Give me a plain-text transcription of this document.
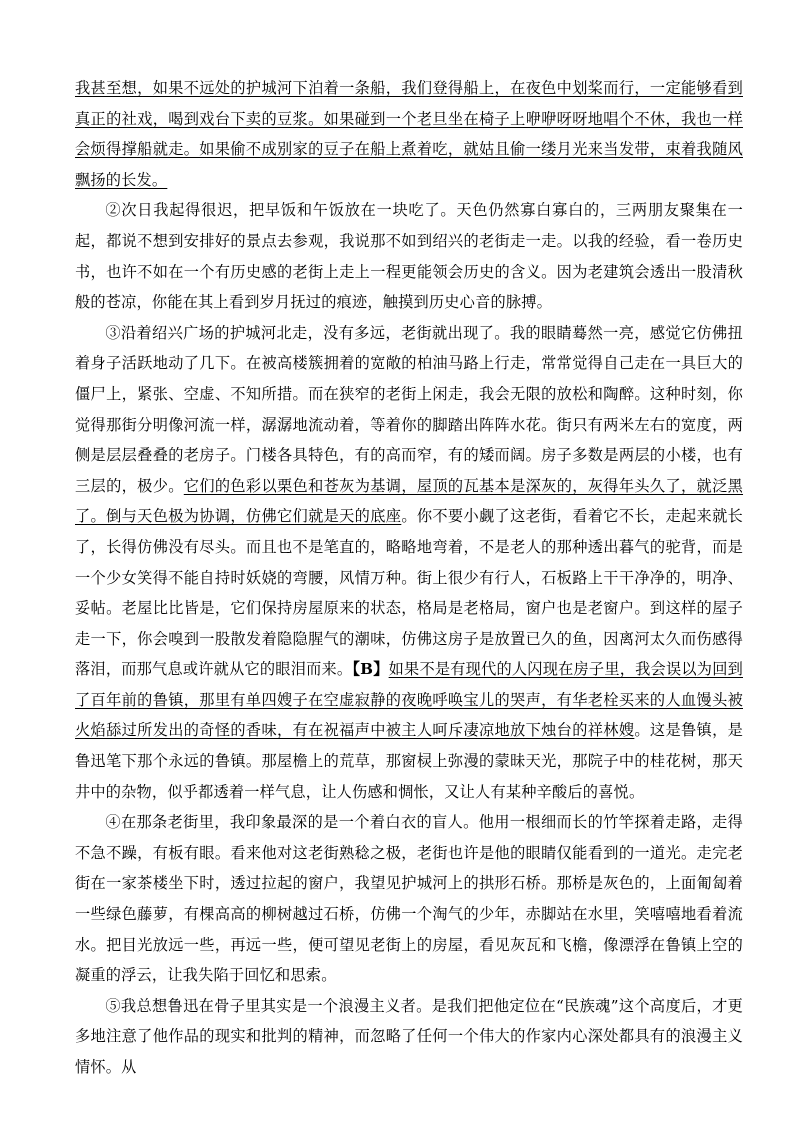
我甚至想，如果不远处的护城河下泊着一条船，我们登得船上，在夜色中划桨而行，一定能够看到真正的社戏，喝到戏台下卖的豆浆。如果碰到一个老旦坐在椅子上咿咿呀呀地唱个不休，我也一样会烦得撑船就走。如果偷不成别家的豆子在船上煮着吃，就姑且偷一缕月光来当发带，束着我随风飘扬的长发。

②次日我起得很迟，把早饭和午饭放在一块吃了。天色仍然寡白寡白的，三两朋友聚集在一起，都说不想到安排好的景点去参观，我说那不如到绍兴的老街走一走。以我的经验，看一卷历史书，也许不如在一个有历史感的老街上走上一程更能领会历史的含义。因为老建筑会透出一股清秋般的苍凉，你能在其上看到岁月抚过的痕迹，触摸到历史心音的脉搏。

③沿着绍兴广场的护城河北走，没有多远，老街就出现了。我的眼睛蓦然一亮，感觉它仿佛扭着身子活跃地动了几下。在被高楼簇拥着的宽敞的柏油马路上行走，常常觉得自己走在一具巨大的僵尸上，紧张、空虚、不知所措。而在狭窄的老街上闲走，我会无限的放松和陶醉。这种时刻，你觉得那街分明像河流一样，潺潺地流动着，等着你的脚踏出阵阵水花。街只有两米左右的宽度，两侧是层层叠叠的老房子。门楼各具特色，有的高而窄，有的矮而阔。房子多数是两层的小楼，也有三层的，极少。它们的色彩以栗色和苍灰为基调，屋顶的瓦基本是深灰的，灰得年头久了，就泛黑了。倒与天色极为协调，仿佛它们就是天的底座。你不要小觑了这老街，看着它不长，走起来就长了，长得仿佛没有尽头。而且也不是笔直的，略略地弯着，不是老人的那种透出暮气的驼背，而是一个少女笑得不能自持时妖娆的弯腰，风情万种。街上很少有行人，石板路上干干净净的，明净、妥帖。老屋比比皆是，它们保持房屋原来的状态，格局是老格局，窗户也是老窗户。到这样的屋子走一下，你会嗅到一股散发着隐隐腥气的潮味，仿佛这房子是放置已久的鱼，因离河太久而伤感得落泪，而那气息或许就从它的眼泪而来。【B】如果不是有现代的人闪现在房子里，我会误以为回到了百年前的鲁镇，那里有单四嫂子在空虚寂静的夜晚呼唤宝儿的哭声，有华老栓买来的人血馒头被火焰舔过所发出的奇怪的香味，有在祝福声中被主人呵斥凄凉地放下烛台的祥林嫂。这是鲁镇，是鲁迅笔下那个永远的鲁镇。那屋檐上的荒草，那窗棂上弥漫的蒙昧天光，那院子中的桂花树，那天井中的杂物，似乎都透着一样气息，让人伤感和惆怅，又让人有某种辛酸后的喜悦。

④在那条老街里，我印象最深的是一个着白衣的盲人。他用一根细而长的竹竿探着走路，走得不急不躁，有板有眼。看来他对这老街熟稔之极，老街也许是他的眼睛仅能看到的一道光。走完老街在一家茶楼坐下时，透过拉起的窗户，我望见护城河上的拱形石桥。那桥是灰色的，上面匍匐着一些绿色藤萝，有棵高高的柳树越过石桥，仿佛一个淘气的少年，赤脚站在水里，笑嘻嘻地看着流水。把目光放远一些，再远一些，便可望见老街上的房屋，看见灰瓦和飞檐，像漂浮在鲁镇上空的凝重的浮云，让我失陷于回忆和思索。

⑤我总想鲁迅在骨子里其实是一个浪漫主义者。是我们把他定位在“民族魂”这个高度后，才更多地注意了他作品的现实和批判的精神，而忽略了任何一个伟大的作家内心深处都具有的浪漫主义情怀。从
